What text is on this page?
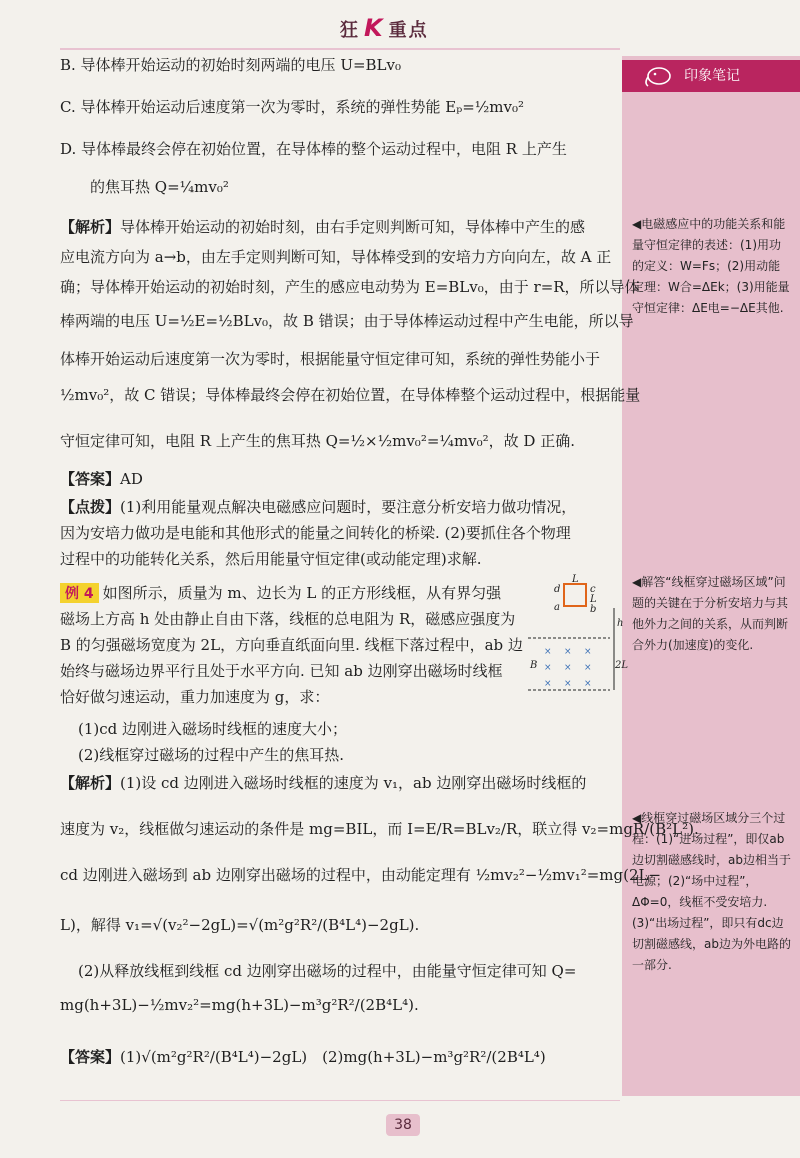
狂 K 重点
印象笔记
◀电磁感应中的功能关系和能量守恒定律的表述：(1)用功的定义：W=Fs；(2)用动能定理：W合=ΔEk；(3)用能量守恒定律：ΔE电=−ΔE其他.
◀解答“线框穿过磁场区域”问题的关键在于分析安培力与其他外力之间的关系，从而判断合外力(加速度)的变化.
◀线框穿过磁场区域分三个过程：(1)“进场过程”，即仅ab边切割磁感线时，ab边相当于电源；(2)“场中过程”，ΔΦ=0，线框不受安培力.(3)“出场过程”，即只有dc边切割磁感线，ab边为外电路的一部分.
B. 导体棒开始运动的初始时刻两端的电压 U=BLv₀
C. 导体棒开始运动后速度第一次为零时，系统的弹性势能 Eₚ=½mv₀²
D. 导体棒最终会停在初始位置，在导体棒的整个运动过程中，电阻 R 上产生
的焦耳热 Q=¼mv₀²
【解析】导体棒开始运动的初始时刻，由右手定则判断可知，导体棒中产生的感
应电流方向为 a→b，由左手定则判断可知，导体棒受到的安培力方向向左，故 A 正
确；导体棒开始运动的初始时刻，产生的感应电动势为 E=BLv₀，由于 r=R，所以导体
棒两端的电压 U=½E=½BLv₀，故 B 错误；由于导体棒运动过程中产生电能，所以导
体棒开始运动后速度第一次为零时，根据能量守恒定律可知，系统的弹性势能小于
½mv₀²，故 C 错误；导体棒最终会停在初始位置，在导体棒整个运动过程中，根据能量
守恒定律可知，电阻 R 上产生的焦耳热 Q=½×½mv₀²=¼mv₀²，故 D 正确.
【答案】AD
【点拨】(1)利用能量观点解决电磁感应问题时，要注意分析安培力做功情况，
因为安培力做功是电能和其他形式的能量之间转化的桥梁. (2)要抓住各个物理
过程中的功能转化关系，然后用能量守恒定律(或动能定理)求解.
例 4 如图所示，质量为 m、边长为 L 的正方形线框，从有界匀强
磁场上方高 h 处由静止自由下落，线框的总电阻为 R，磁感应强度为
B 的匀强磁场宽度为 2L，方向垂直纸面向里. 线框下落过程中，ab 边
始终与磁场边界平行且处于水平方向. 已知 ab 边刚穿出磁场时线框
恰好做匀速运动，重力加速度为 g，求：
(1)cd 边刚进入磁场时线框的速度大小；
(2)线框穿过磁场的过程中产生的焦耳热.
d
L
c
a
L
b
h
2L
B
× × ×
× × ×
× × ×
【解析】(1)设 cd 边刚进入磁场时线框的速度为 v₁，ab 边刚穿出磁场时线框的
速度为 v₂，线框做匀速运动的条件是 mg=BIL，而 I=E/R=BLv₂/R，联立得 v₂=mgR/(B²L²).
cd 边刚进入磁场到 ab 边刚穿出磁场的过程中，由动能定理有 ½mv₂²−½mv₁²=mg(2L−
L)，解得 v₁=√(v₂²−2gL)=√(m²g²R²/(B⁴L⁴)−2gL).
(2)从释放线框到线框 cd 边刚穿出磁场的过程中，由能量守恒定律可知 Q=
mg(h+3L)−½mv₂²=mg(h+3L)−m³g²R²/(2B⁴L⁴).
【答案】(1)√(m²g²R²/(B⁴L⁴)−2gL)　(2)mg(h+3L)−m³g²R²/(2B⁴L⁴)
38
